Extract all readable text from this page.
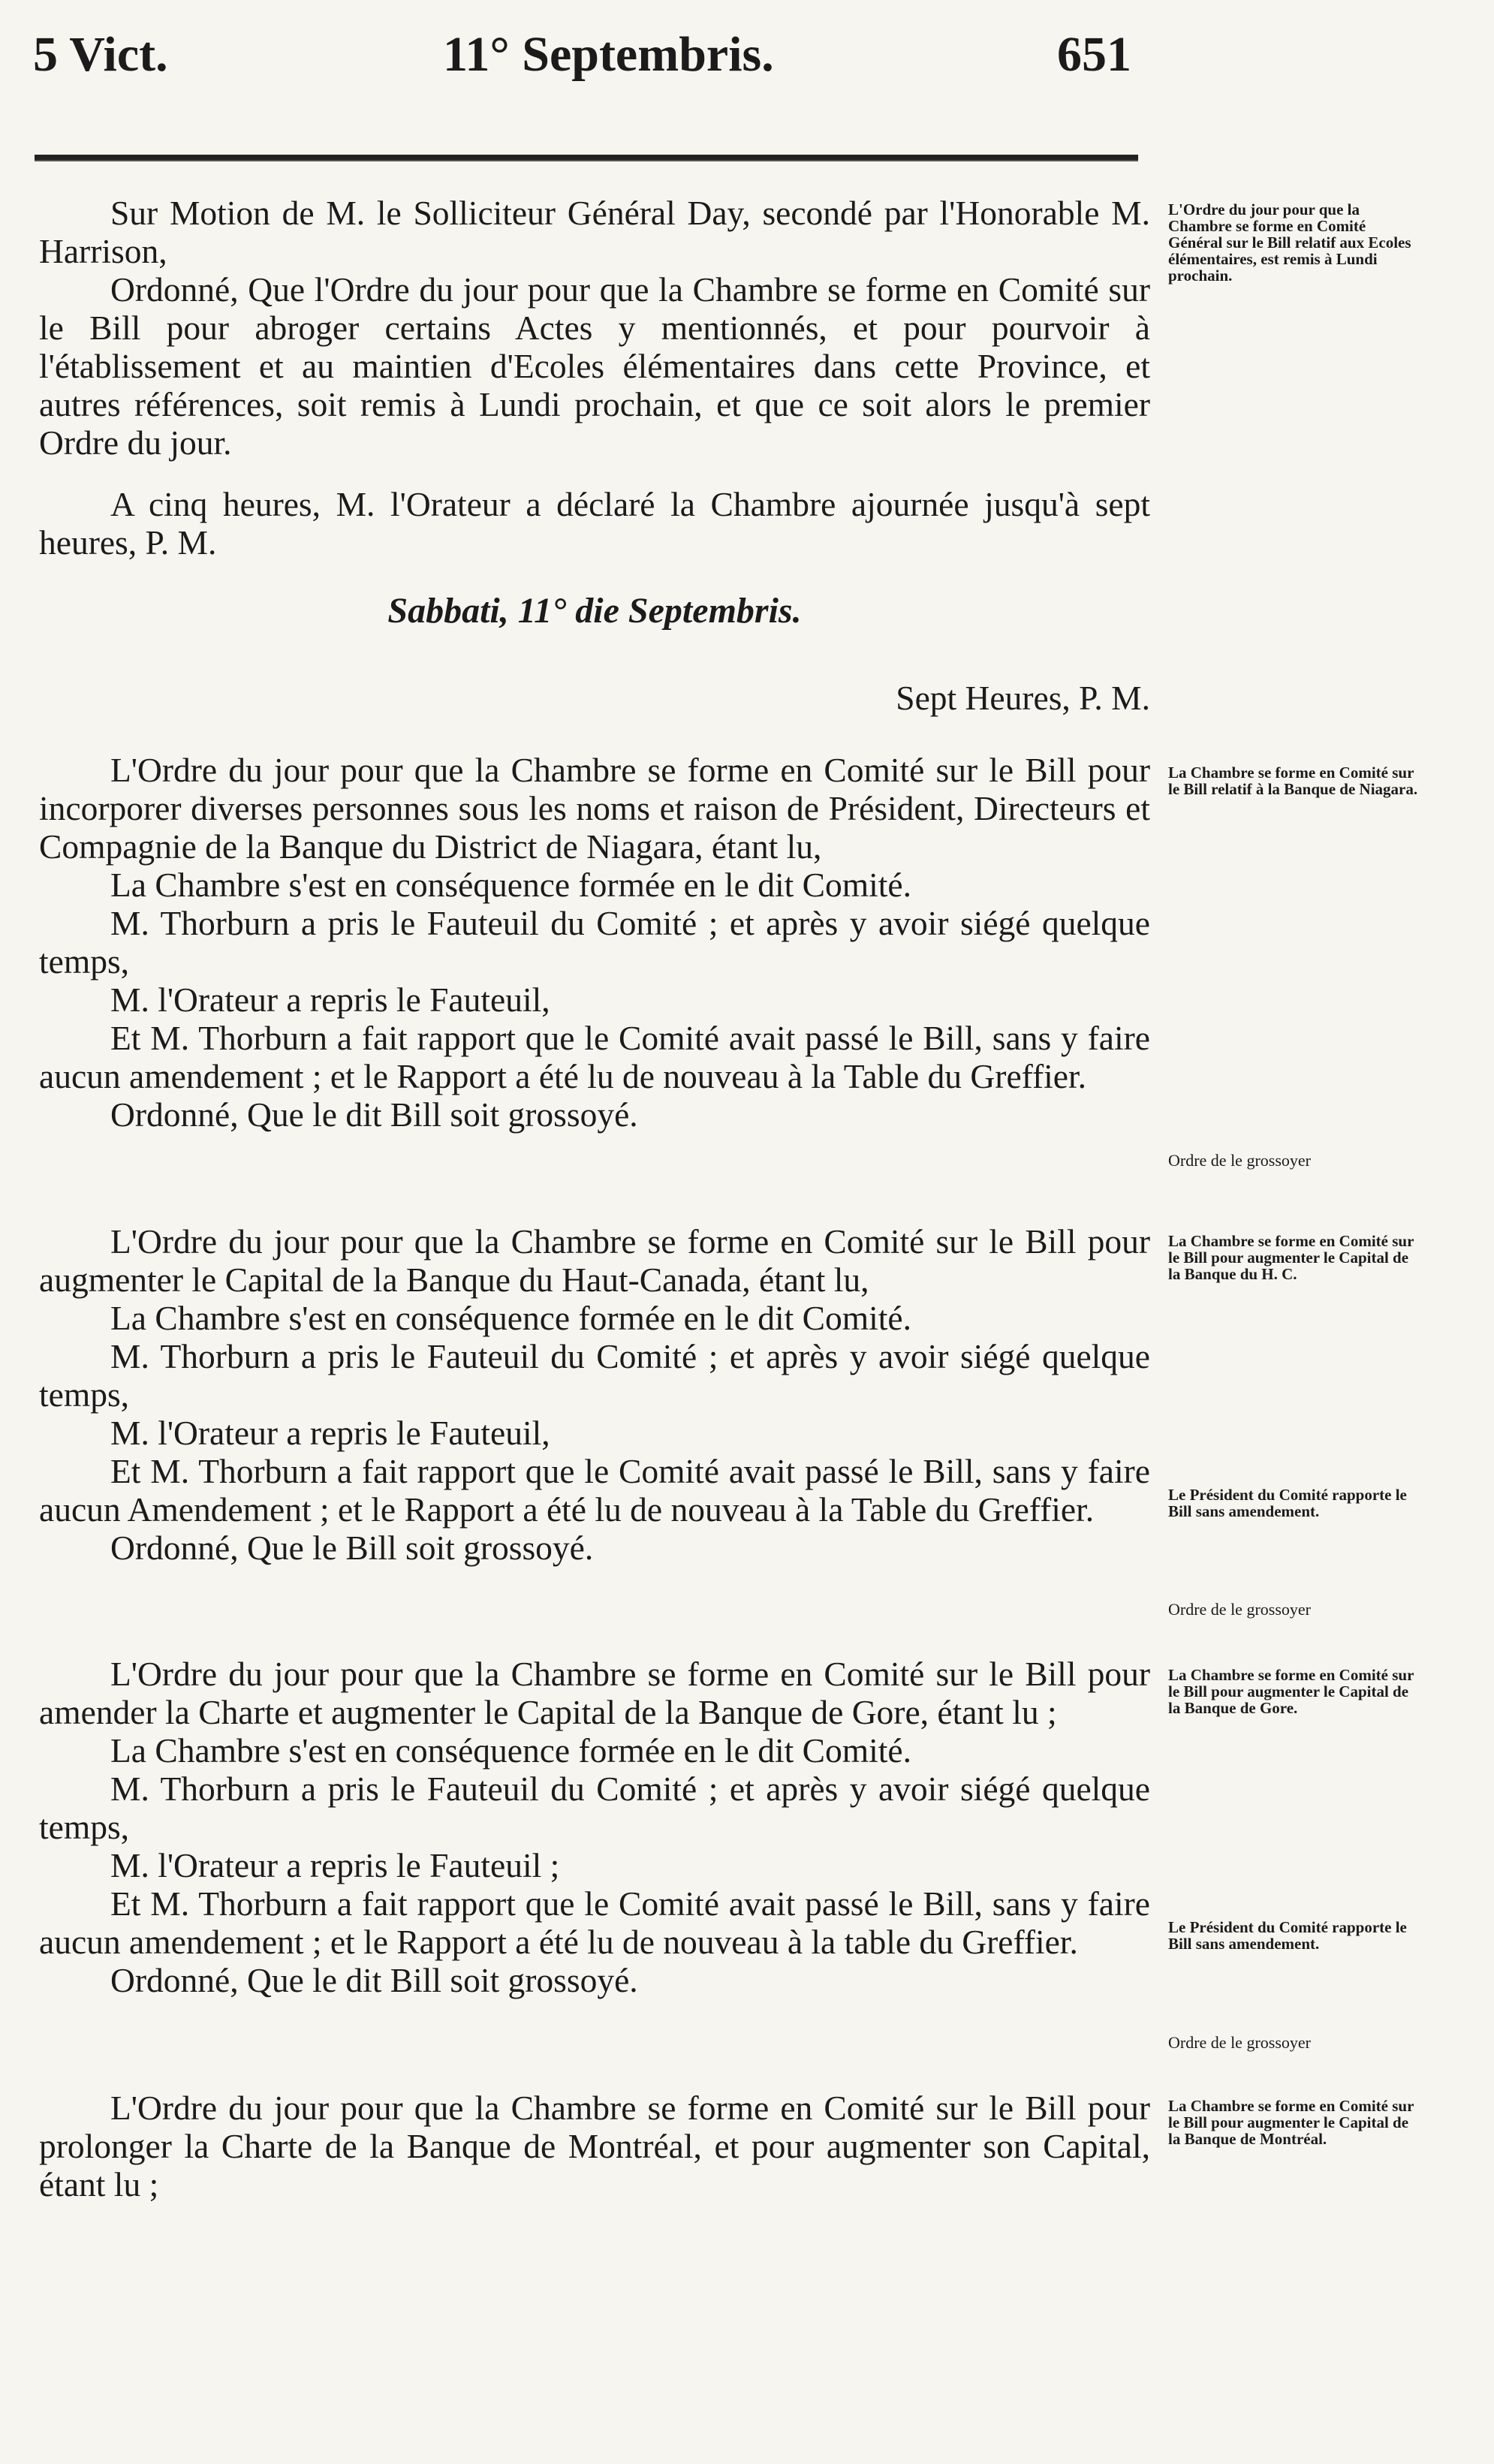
5 Vict.	11° Septembris.	651

Sur Motion de M. le Solliciteur Général Day, secondé par l'Honorable M. Harrison,

Ordonné, Que l'Ordre du jour pour que la Chambre se forme en Comité sur le Bill pour abroger certains Actes y mentionnés, et pour pourvoir à l'établissement et au maintien d'Ecoles élémentaires dans cette Province, et autres références, soit remis à Lundi prochain, et que ce soit alors le premier Ordre du jour.

L'Ordre du jour pour que la Chambre se forme en Comité Général sur le Bill relatif aux Ecoles élémentaires, est remis à Lundi prochain.

A cinq heures, M. l'Orateur a déclaré la Chambre ajournée jusqu'à sept heures, P. M.

Sabbati, 11° die Septembris.
Sept Heures, P. M.

L'Ordre du jour pour que la Chambre se forme en Comité sur le Bill pour incorporer diverses personnes sous les noms et raison de Président, Directeurs et Compagnie de la Banque du District de Niagara, étant lu,

La Chambre s'est en conséquence formée en le dit Comité.

M. Thorburn a pris le Fauteuil du Comité ; et après y avoir siégé quelque temps,

M. l'Orateur a repris le Fauteuil,

Et M. Thorburn a fait rapport que le Comité avait passé le Bill, sans y faire aucun amendement ; et le Rapport a été lu de nouveau à la Table du Greffier.

Ordonné, Que le dit Bill soit grossoyé.

La Chambre se forme en Comité sur le Bill relatif à la Banque de Niagara.
Ordre de le grossoyer

L'Ordre du jour pour que la Chambre se forme en Comité sur le Bill pour augmenter le Capital de la Banque du Haut-Canada, étant lu,

La Chambre s'est en conséquence formée en le dit Comité.

M. Thorburn a pris le Fauteuil du Comité ; et après y avoir siégé quelque temps,

M. l'Orateur a repris le Fauteuil,

Et M. Thorburn a fait rapport que le Comité avait passé le Bill, sans y faire aucun Amendement ; et le Rapport a été lu de nouveau à la Table du Greffier.

Ordonné, Que le Bill soit grossoyé.

La Chambre se forme en Comité sur le Bill pour augmenter le Capital de la Banque du H. C.
Le Président du Comité rapporte le Bill sans amendement.
Ordre de le grossoyer

L'Ordre du jour pour que la Chambre se forme en Comité sur le Bill pour amender la Charte et augmenter le Capital de la Banque de Gore, étant lu ;

La Chambre s'est en conséquence formée en le dit Comité.

M. Thorburn a pris le Fauteuil du Comité ; et après y avoir siégé quelque temps,

M. l'Orateur a repris le Fauteuil ;

Et M. Thorburn a fait rapport que le Comité avait passé le Bill, sans y faire aucun amendement ; et le Rapport a été lu de nouveau à la table du Greffier.

Ordonné, Que le dit Bill soit grossoyé.

La Chambre se forme en Comité sur le Bill pour augmenter le Capital de la Banque de Gore.
Le Président du Comité rapporte le Bill sans amendement.
Ordre de le grossoyer

L'Ordre du jour pour que la Chambre se forme en Comité sur le Bill pour prolonger la Charte de la Banque de Montréal, et pour augmenter son Capital, étant lu ;

La Chambre se forme en Comité sur le Bill pour augmenter le Capital de la Banque de Montréal.
